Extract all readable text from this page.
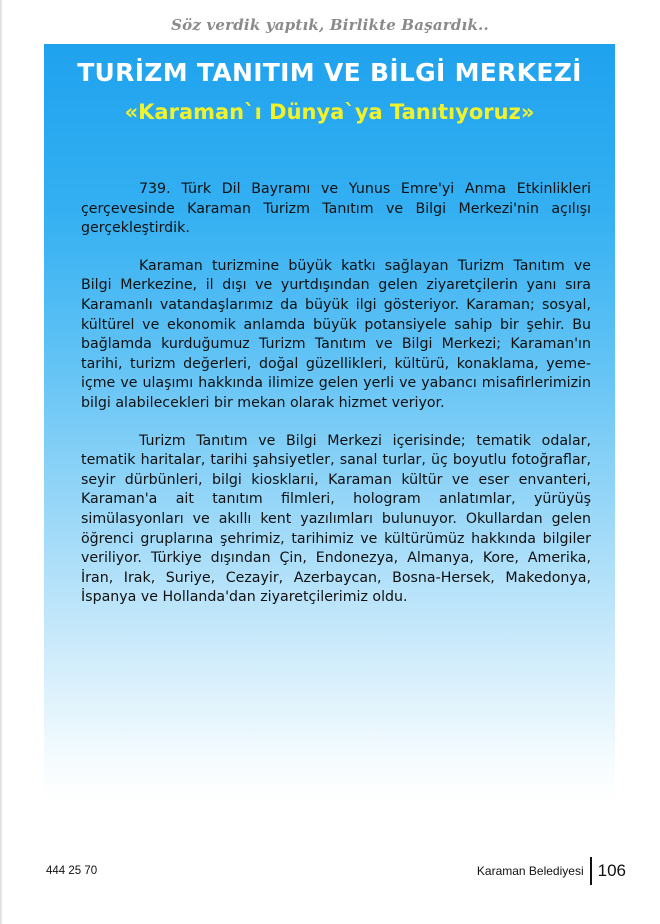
Söz verdik yaptık, Birlikte Başardık..
TURİZM TANITIM VE BİLGİ MERKEZİ
«Karaman`ı Dünya`ya Tanıtıyoruz»

739. Türk Dil Bayramı ve Yunus Emre'yi Anma Etkinlikleri çerçevesinde Karaman Turizm Tanıtım ve Bilgi Merkezi'nin açılışı gerçekleştirdik.

Karaman turizmine büyük katkı sağlayan Turizm Tanıtım ve Bilgi Merkezine, il dışı ve yurtdışından gelen ziyaretçilerin yanı sıra Karamanlı vatandaşlarımız da büyük ilgi gösteriyor. Karaman; sosyal, kültürel ve ekonomik anlamda büyük potansiyele sahip bir şehir. Bu bağlamda kurduğumuz Turizm Tanıtım ve Bilgi Merkezi; Karaman'ın tarihi, turizm değerleri, doğal güzellikleri, kültürü, konaklama, yeme-içme ve ulaşımı hakkında ilimize gelen yerli ve yabancı misafirlerimizin bilgi alabilecekleri bir mekan olarak hizmet veriyor.

Turizm Tanıtım ve Bilgi Merkezi içerisinde; tematik odalar, tematik haritalar, tarihi şahsiyetler, sanal turlar, üç boyutlu fotoğraflar, seyir dürbünleri, bilgi kiosklarıi, Karaman kültür ve eser envanteri, Karaman'a ait tanıtım filmleri, hologram anlatımlar, yürüyüş simülasyonları ve akıllı kent yazılımları bulunuyor. Okullardan gelen öğrenci gruplarına şehrimiz, tarihimiz ve kültürümüz hakkında bilgiler veriliyor. Türkiye dışından Çin, Endonezya, Almanya, Kore, Amerika, İran, Irak, Suriye, Cezayir, Azerbaycan, Bosna-Hersek, Makedonya, İspanya ve Hollanda'dan ziyaretçilerimiz oldu.

444 25 70	Karaman Belediyesi 106
